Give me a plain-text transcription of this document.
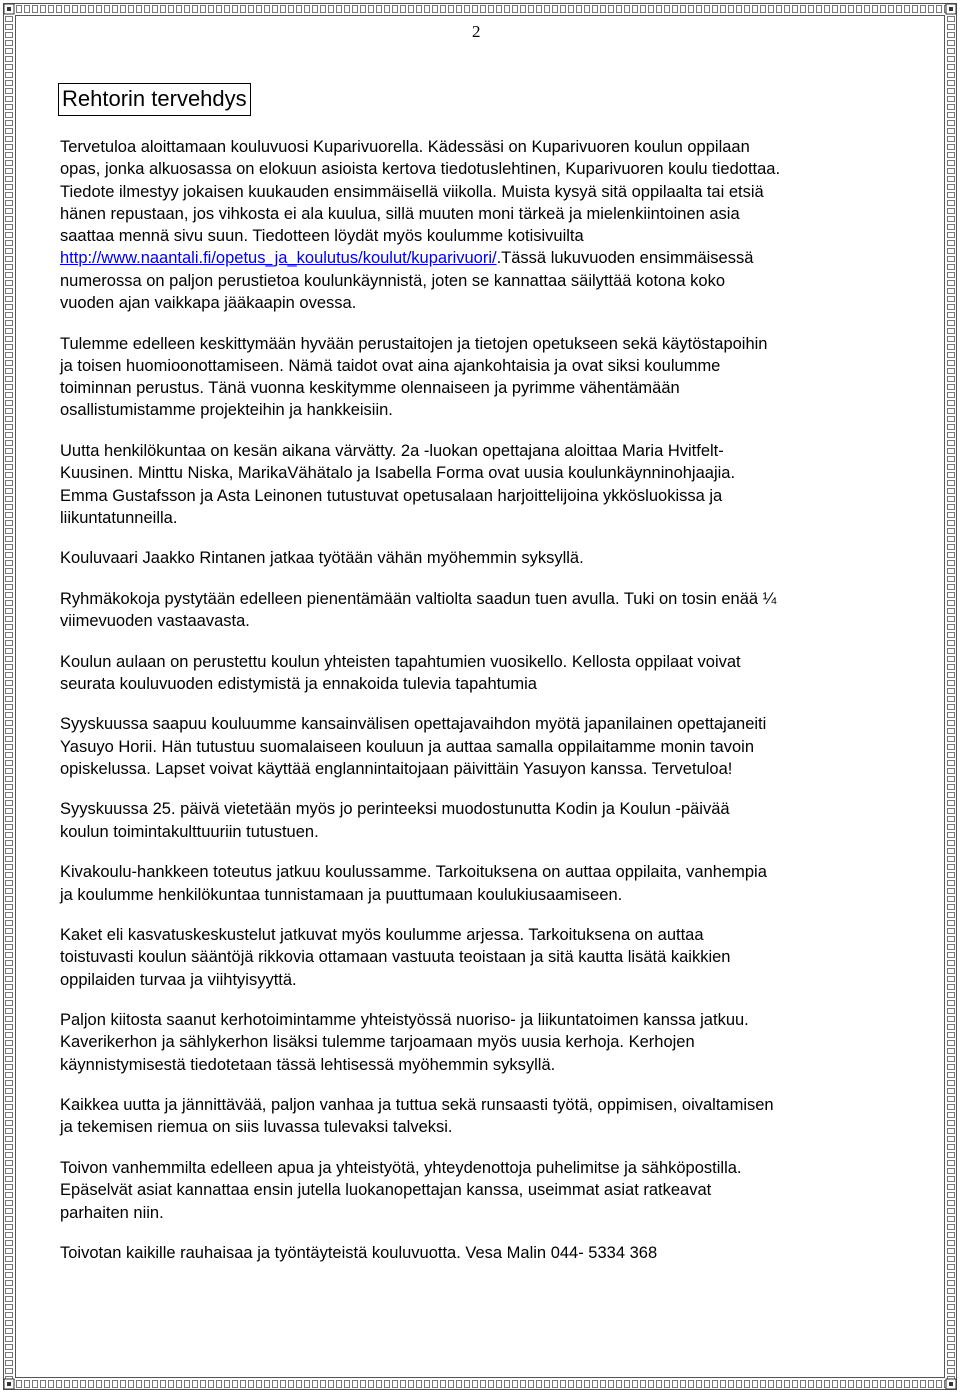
2
Rehtorin tervehdys

Tervetuloa aloittamaan kouluvuosi Kuparivuorella. Kädessäsi on Kuparivuoren koulun oppilaan
opas, jonka alkuosassa on elokuun asioista kertova tiedotuslehtinen, Kuparivuoren koulu tiedottaa.
Tiedote ilmestyy jokaisen kuukauden ensimmäisellä viikolla. Muista kysyä sitä oppilaalta tai etsiä
hänen repustaan, jos vihkosta ei ala kuulua, sillä muuten moni tärkeä ja mielenkiintoinen asia
saattaa mennä sivu suun. Tiedotteen löydät myös koulumme kotisivuilta
http://www.naantali.fi/opetus_ja_koulutus/koulut/kuparivuori/.Tässä lukuvuoden ensimmäisessä
numerossa on paljon perustietoa koulunkäynnistä, joten se kannattaa säilyttää kotona koko
vuoden ajan vaikkapa jääkaapin ovessa.

Tulemme edelleen keskittymään hyvään perustaitojen ja tietojen opetukseen sekä käytöstapoihin
ja toisen huomioonottamiseen. Nämä taidot ovat aina ajankohtaisia ja ovat siksi koulumme
toiminnan perustus. Tänä vuonna keskitymme olennaiseen ja pyrimme vähentämään
osallistumistamme projekteihin ja hankkeisiin.

Uutta henkilökuntaa on kesän aikana värvätty. 2a -luokan opettajana aloittaa Maria Hvitfelt-
Kuusinen. Minttu Niska, MarikaVähätalo ja Isabella Forma ovat uusia koulunkäynninohjaajia.
Emma Gustafsson ja Asta Leinonen tutustuvat opetusalaan harjoittelijoina ykkösluokissa ja
liikuntatunneilla.

Kouluvaari Jaakko Rintanen jatkaa työtään vähän myöhemmin syksyllä.

Ryhmäkokoja pystytään edelleen pienentämään valtiolta saadun tuen avulla. Tuki on tosin enää ¼
viimevuoden vastaavasta.

Koulun aulaan on perustettu koulun yhteisten tapahtumien vuosikello. Kellosta oppilaat voivat
seurata kouluvuoden edistymistä ja ennakoida tulevia tapahtumia

Syyskuussa saapuu kouluumme kansainvälisen opettajavaihdon myötä japanilainen opettajaneiti
Yasuyo Horii. Hän tutustuu suomalaiseen kouluun ja auttaa samalla oppilaitamme monin tavoin
opiskelussa. Lapset voivat käyttää englannintaitojaan päivittäin Yasuyon kanssa. Tervetuloa!

Syyskuussa 25. päivä vietetään myös jo perinteeksi muodostunutta Kodin ja Koulun -päivää
koulun toimintakulttuuriin tutustuen.

Kivakoulu-hankkeen toteutus jatkuu koulussamme. Tarkoituksena on auttaa oppilaita, vanhempia
ja koulumme henkilökuntaa tunnistamaan ja puuttumaan koulukiusaamiseen.

Kaket eli kasvatuskeskustelut jatkuvat myös koulumme arjessa. Tarkoituksena on auttaa
toistuvasti koulun sääntöjä rikkovia ottamaan vastuuta teoistaan ja sitä kautta lisätä kaikkien
oppilaiden turvaa ja viihtyisyyttä.

Paljon kiitosta saanut kerhotoimintamme yhteistyössä nuoriso- ja liikuntatoimen kanssa jatkuu.
Kaverikerhon ja sählykerhon lisäksi tulemme tarjoamaan myös uusia kerhoja. Kerhojen
käynnistymisestä tiedotetaan tässä lehtisessä myöhemmin syksyllä.

Kaikkea uutta ja jännittävää, paljon vanhaa ja tuttua sekä runsaasti työtä, oppimisen, oivaltamisen
ja tekemisen riemua on siis luvassa tulevaksi talveksi.

Toivon vanhemmilta edelleen apua ja yhteistyötä, yhteydenottoja puhelimitse ja sähköpostilla.
Epäselvät asiat kannattaa ensin jutella luokanopettajan kanssa, useimmat asiat ratkeavat
parhaiten niin.

Toivotan kaikille rauhaisaa ja työntäyteistä kouluvuotta. Vesa Malin 044- 5334 368
